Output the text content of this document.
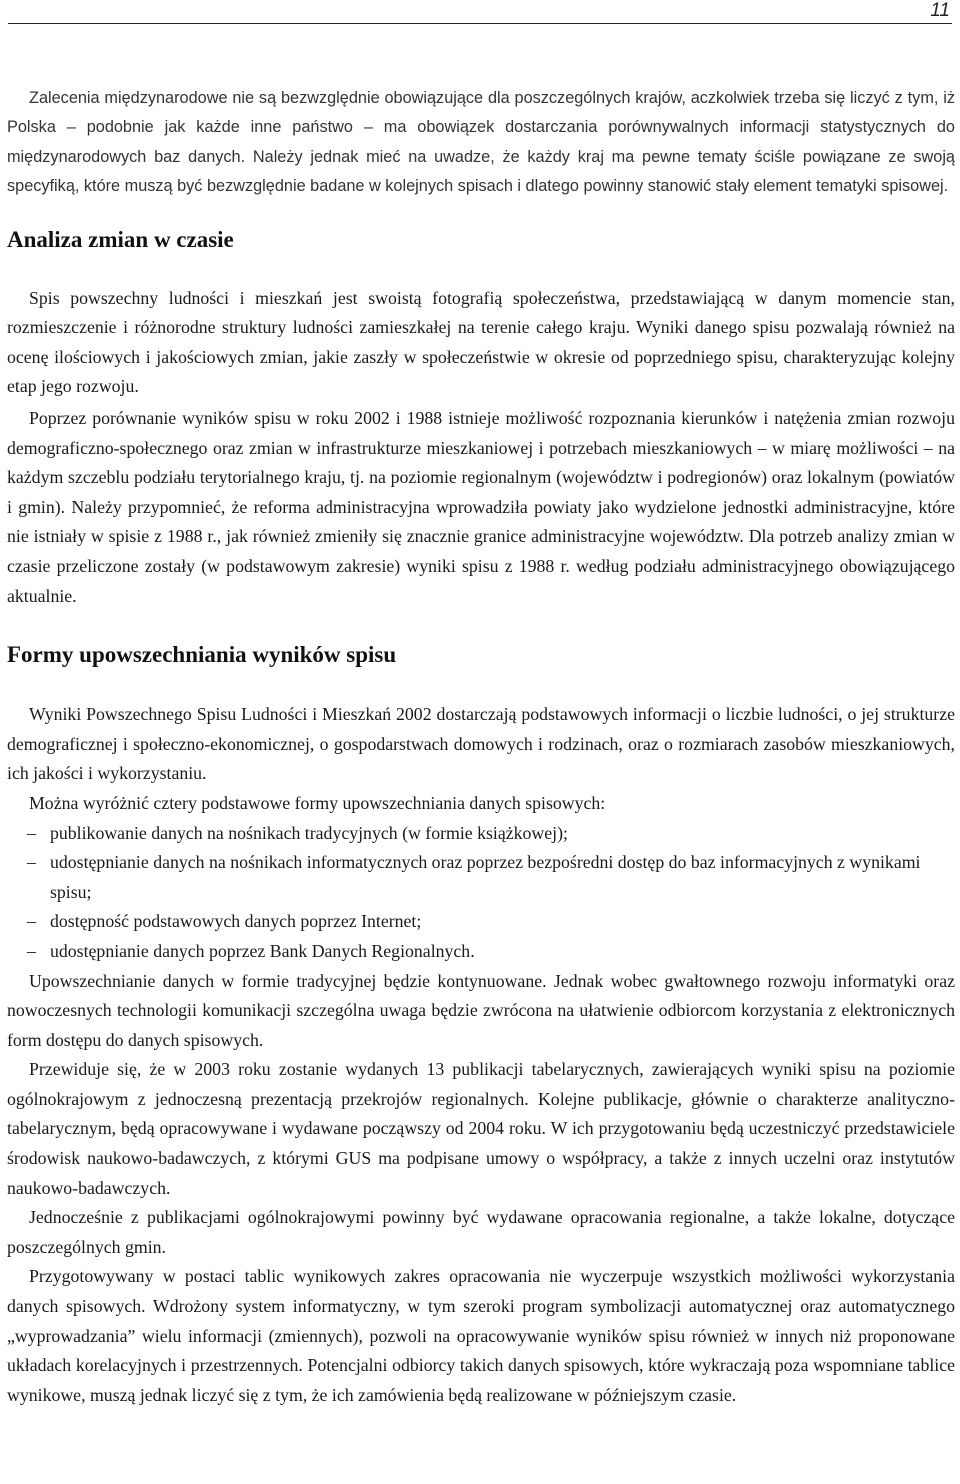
11

Zalecenia międzynarodowe nie są bezwzględnie obowiązujące dla poszczególnych krajów, aczkolwiek trzeba się liczyć z tym, iż Polska – podobnie jak każde inne państwo – ma obowiązek dostarczania porównywalnych informacji statystycznych do międzynarodowych baz danych. Należy jednak mieć na uwadze, że każdy kraj ma pewne tematy ściśle powiązane ze swoją specyfiką, które muszą być bezwzględnie badane w kolejnych spisach i dlatego powinny stanowić stały element tematyki spisowej.

Analiza zmian w czasie

Spis powszechny ludności i mieszkań jest swoistą fotografią społeczeństwa, przedstawiającą w danym momencie stan, rozmieszczenie i różnorodne struktury ludności zamieszkałej na terenie całego kraju. Wyniki danego spisu pozwalają również na ocenę ilościowych i jakościowych zmian, jakie zaszły w społeczeństwie w okresie od poprzedniego spisu, charakteryzując kolejny etap jego rozwoju.

Poprzez porównanie wyników spisu w roku 2002 i 1988 istnieje możliwość rozpoznania kierunków i natężenia zmian rozwoju demograficzno-społecznego oraz zmian w infrastrukturze mieszkaniowej i potrzebach mieszkaniowych – w miarę możliwości – na każdym szczeblu podziału terytorialnego kraju, tj. na poziomie regionalnym (województw i podregionów) oraz lokalnym (powiatów i gmin). Należy przypomnieć, że reforma administracyjna wprowadziła powiaty jako wydzielone jednostki administracyjne, które nie istniały w spisie z 1988 r., jak również zmieniły się znacznie granice administracyjne województw. Dla potrzeb analizy zmian w czasie przeliczone zostały (w podstawowym zakresie) wyniki spisu z 1988 r. według podziału administracyjnego obowiązującego aktualnie.

Formy upowszechniania wyników spisu

Wyniki Powszechnego Spisu Ludności i Mieszkań 2002 dostarczają podstawowych informacji o liczbie ludności, o jej strukturze demograficznej i społeczno-ekonomicznej, o gospodarstwach domowych i rodzinach, oraz o rozmiarach zasobów mieszkaniowych, ich jakości i wykorzystaniu.

Można wyróżnić cztery podstawowe formy upowszechniania danych spisowych:

– publikowanie danych na nośnikach tradycyjnych (w formie książkowej);
– udostępnianie danych na nośnikach informatycznych oraz poprzez bezpośredni dostęp do baz informacyjnych z wynikami spisu;
– dostępność podstawowych danych poprzez Internet;
– udostępnianie danych poprzez Bank Danych Regionalnych.

Upowszechnianie danych w formie tradycyjnej będzie kontynuowane. Jednak wobec gwałtownego rozwoju informatyki oraz nowoczesnych technologii komunikacji szczególna uwaga będzie zwrócona na ułatwienie odbiorcom korzystania z elektronicznych form dostępu do danych spisowych.

Przewiduje się, że w 2003 roku zostanie wydanych 13 publikacji tabelarycznych, zawierających wyniki spisu na poziomie ogólnokrajowym z jednoczesną prezentacją przekrojów regionalnych. Kolejne publikacje, głównie o charakterze analityczno-tabelarycznym, będą opracowywane i wydawane począwszy od 2004 roku. W ich przygotowaniu będą uczestniczyć przedstawiciele środowisk naukowo-badawczych, z którymi GUS ma podpisane umowy o współpracy, a także z innych uczelni oraz instytutów naukowo-badawczych.

Jednocześnie z publikacjami ogólnokrajowymi powinny być wydawane opracowania regionalne, a także lokalne, dotyczące poszczególnych gmin.

Przygotowywany w postaci tablic wynikowych zakres opracowania nie wyczerpuje wszystkich możliwości wykorzystania danych spisowych. Wdrożony system informatyczny, w tym szeroki program symbolizacji automatycznej oraz automatycznego „wyprowadzania” wielu informacji (zmiennych), pozwoli na opracowywanie wyników spisu również w innych niż proponowane układach korelacyjnych i przestrzennych. Potencjalni odbiorcy takich danych spisowych, które wykraczają poza wspomniane tablice wynikowe, muszą jednak liczyć się z tym, że ich zamówienia będą realizowane w późniejszym czasie.
